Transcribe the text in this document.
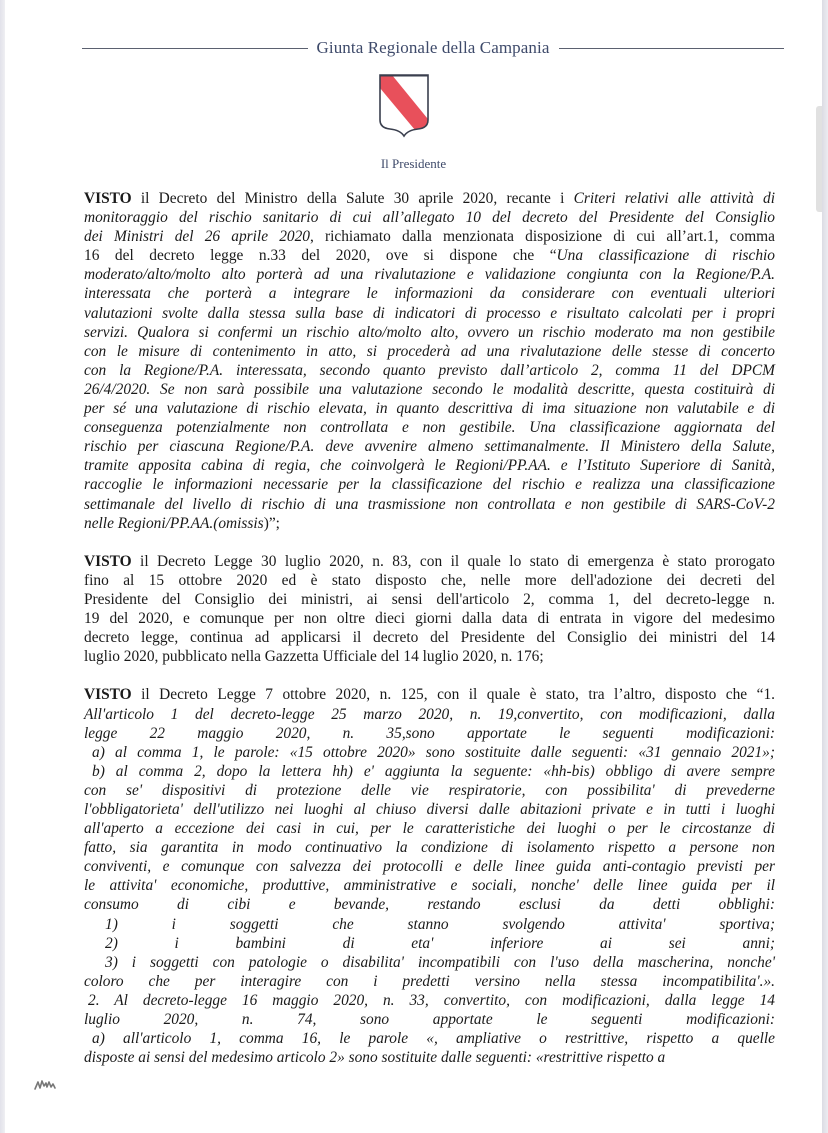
Giunta Regionale della Campania
Il Presidente
VISTO il Decreto del Ministro della Salute 30 aprile 2020, recante i Criteri relativi alle attività di
monitoraggio del rischio sanitario di cui all’allegato 10 del decreto del Presidente del Consiglio
dei Ministri del 26 aprile 2020, richiamato dalla menzionata disposizione di cui all’art.1, comma
16 del decreto legge n.33 del 2020, ove si dispone che “Una classificazione di rischio
moderato/alto/molto alto porterà ad una rivalutazione e validazione congiunta con la Regione/P.A.
interessata che porterà a integrare le informazioni da considerare con eventuali ulteriori
valutazioni svolte dalla stessa sulla base di indicatori di processo e risultato calcolati per i propri
servizi. Qualora si confermi un rischio alto/molto alto, ovvero un rischio moderato ma non gestibile
con le misure di contenimento in atto, si procederà ad una rivalutazione delle stesse di concerto
con la Regione/P.A. interessata, secondo quanto previsto dall’articolo 2, comma 11 del DPCM
26/4/2020. Se non sarà possibile una valutazione secondo le modalità descritte, questa costituirà di
per sé una valutazione di rischio elevata, in quanto descrittiva di ima situazione non valutabile e di
conseguenza potenzialmente non controllata e non gestibile. Una classificazione aggiornata del
rischio per ciascuna Regione/P.A. deve avvenire almeno settimanalmente. Il Ministero della Salute,
tramite apposita cabina di regia, che coinvolgerà le Regioni/PP.AA. e l’Istituto Superiore di Sanità,
raccoglie le informazioni necessarie per la classificazione del rischio e realizza una classificazione
settimanale del livello di rischio di una trasmissione non controllata e non gestibile di SARS-CoV-2
nelle Regioni/PP.AA.(omissis)”;
VISTO il Decreto Legge 30 luglio 2020, n. 83, con il quale lo stato di emergenza è stato prorogato
fino al 15 ottobre 2020 ed è stato disposto che, nelle more dell'adozione dei decreti del
Presidente del Consiglio dei ministri, ai sensi dell'articolo 2, comma 1, del decreto-legge n.
19 del 2020, e comunque per non oltre dieci giorni dalla data di entrata in vigore del medesimo
decreto legge, continua ad applicarsi il decreto del Presidente del Consiglio dei ministri del 14
luglio 2020, pubblicato nella Gazzetta Ufficiale del 14 luglio 2020, n. 176;
VISTO il Decreto Legge 7 ottobre 2020, n. 125, con il quale è stato, tra l’altro, disposto che “1.
All'articolo 1 del decreto-legge 25 marzo 2020, n. 19,convertito, con modificazioni, dalla
legge 22 maggio 2020, n. 35,sono apportate le seguenti modificazioni:
a) al comma 1, le parole: «15 ottobre 2020» sono sostituite dalle seguenti: «31 gennaio 2021»;
b) al comma 2, dopo la lettera hh) e' aggiunta la seguente: «hh-bis) obbligo di avere sempre
con se' dispositivi di protezione delle vie respiratorie, con possibilita' di prevederne
l'obbligatorieta' dell'utilizzo nei luoghi al chiuso diversi dalle abitazioni private e in tutti i luoghi
all'aperto a eccezione dei casi in cui, per le caratteristiche dei luoghi o per le circostanze di
fatto, sia garantita in modo continuativo la condizione di isolamento rispetto a persone non
conviventi, e comunque con salvezza dei protocolli e delle linee guida anti-contagio previsti per
le attivita' economiche, produttive, amministrative e sociali, nonche' delle linee guida per il
consumo di cibi e bevande, restando esclusi da detti obblighi:
1) i soggetti che stanno svolgendo attivita' sportiva;
2) i bambini di eta' inferiore ai sei anni;
3) i soggetti con patologie o disabilita' incompatibili con l'uso della mascherina, nonche'
coloro che per interagire con i predetti versino nella stessa incompatibilita'.».
2. Al decreto-legge 16 maggio 2020, n. 33, convertito, con modificazioni, dalla legge 14
luglio 2020, n. 74, sono apportate le seguenti modificazioni:
a) all'articolo 1, comma 16, le parole «, ampliative o restrittive, rispetto a quelle
disposte ai sensi del medesimo articolo 2» sono sostituite dalle seguenti: «restrittive rispetto a
